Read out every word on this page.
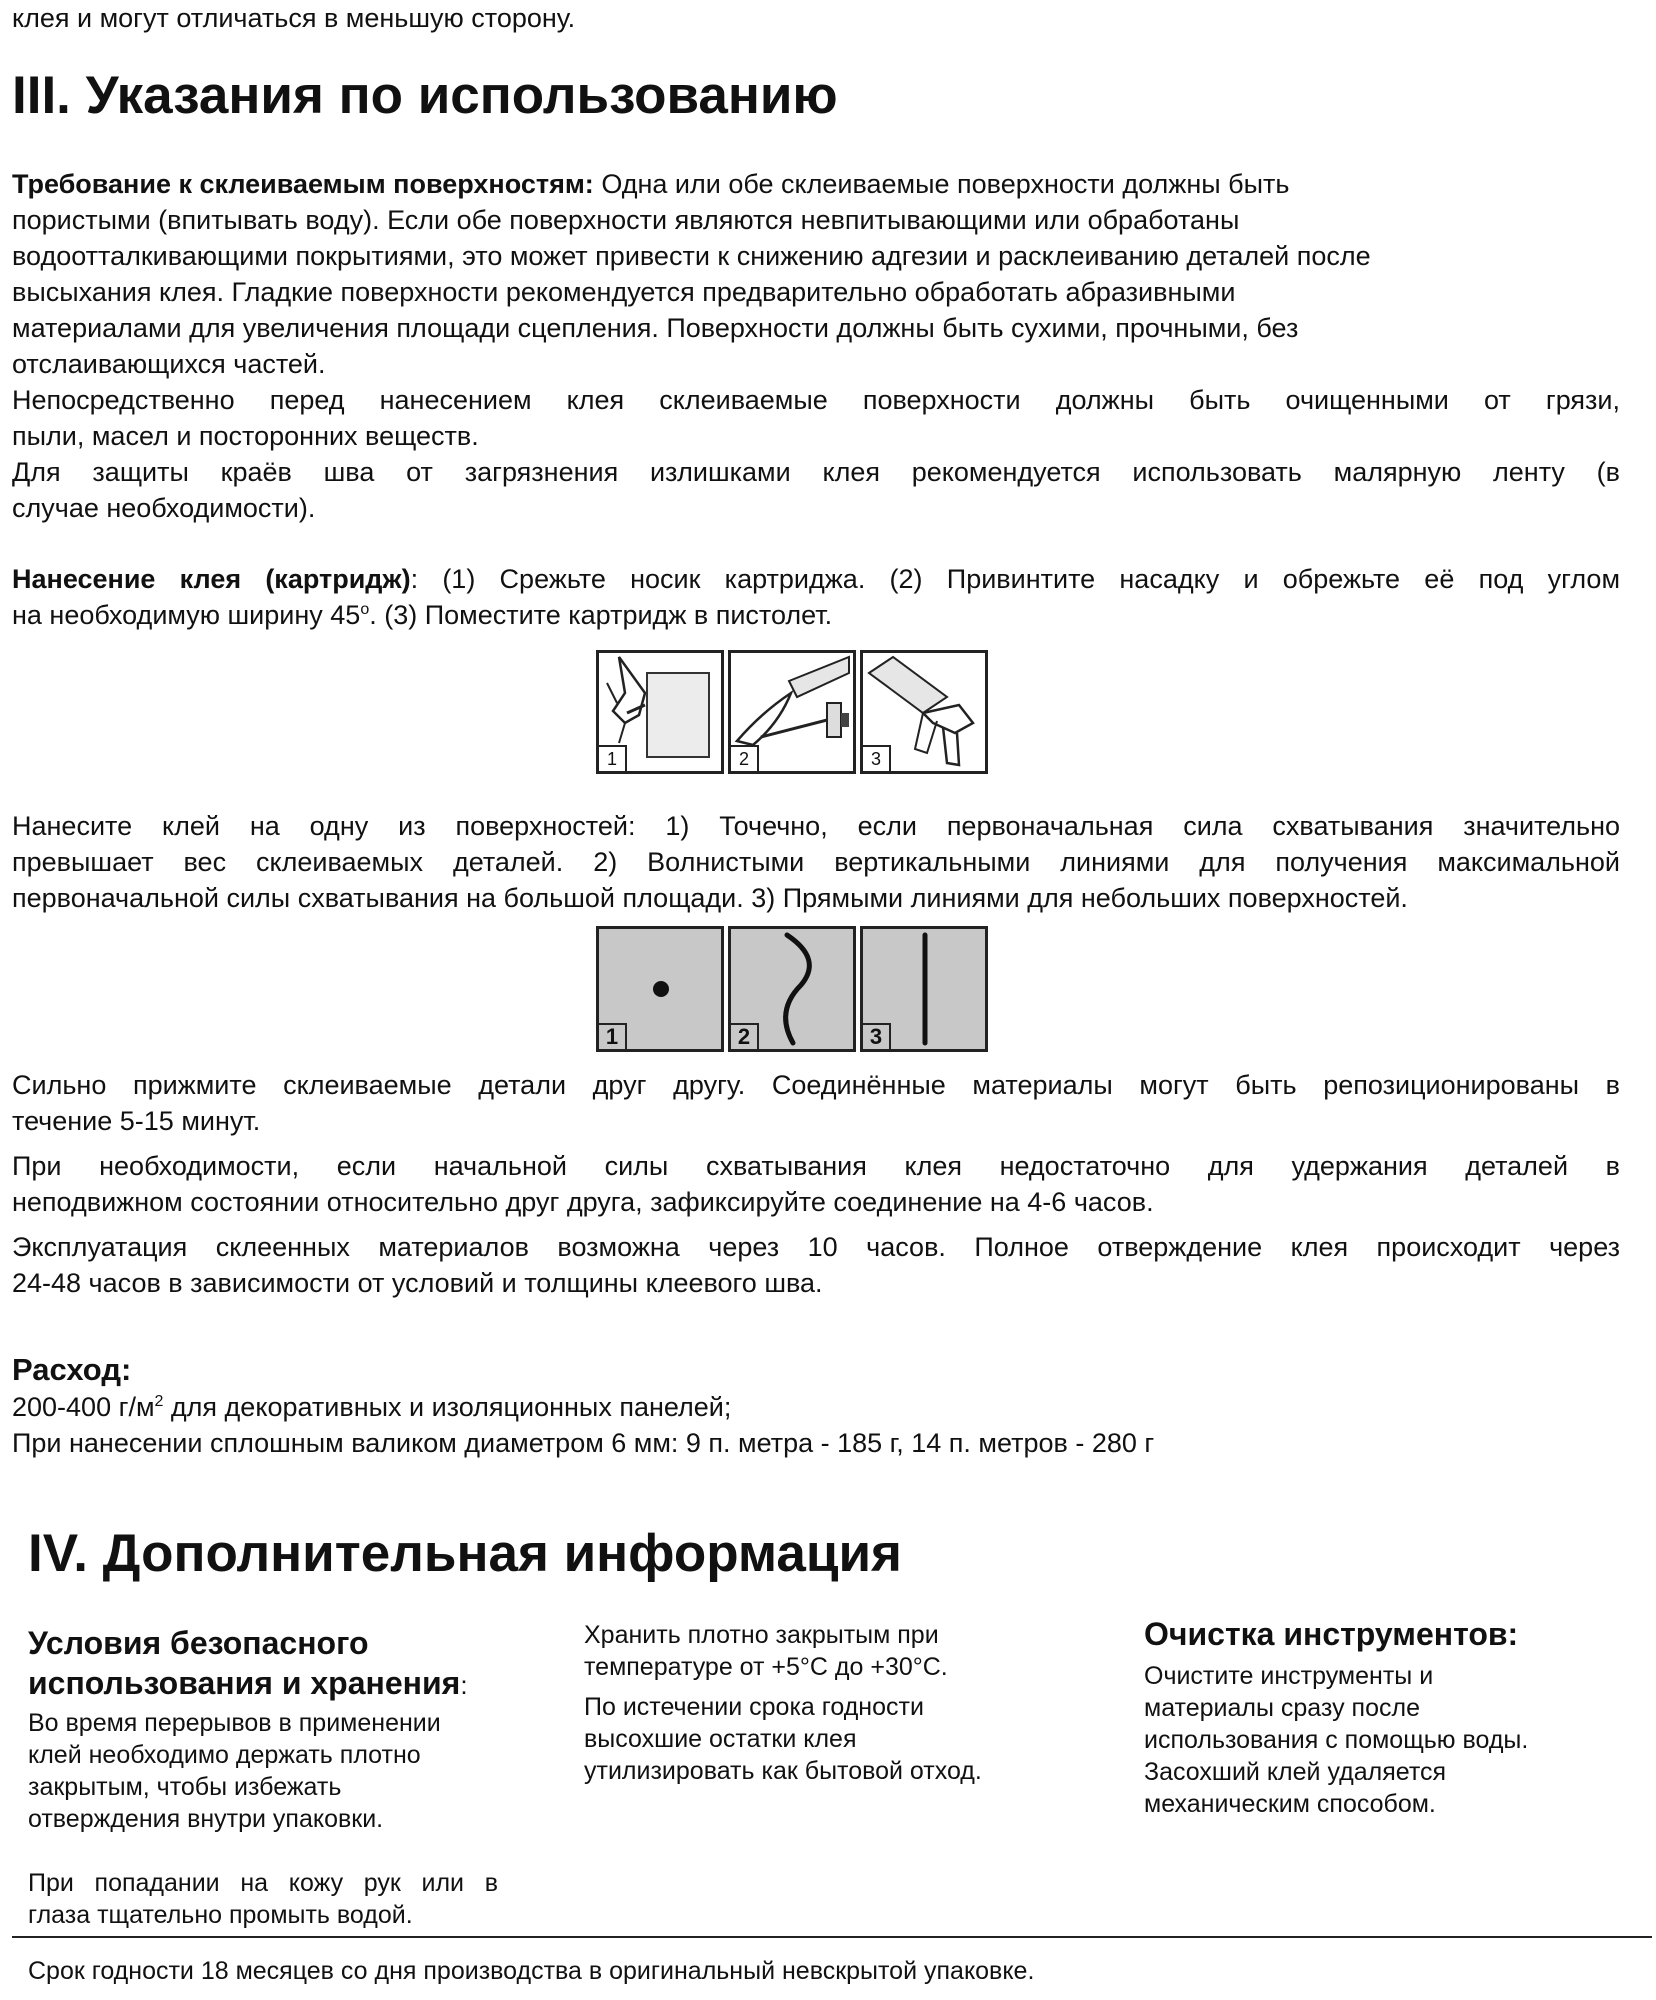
клея и могут отличаться в меньшую сторону.
III. Указания по использованию
Требование к склеиваемым поверхностям: Одна или обе склеиваемые поверхности должны быть
пористыми (впитывать воду). Если обе поверхности являются невпитывающими или обработаны
водоотталкивающими покрытиями, это может привести к снижению адгезии и расклеиванию деталей после
высыхания клея. Гладкие поверхности рекомендуется предварительно обработать абразивными
материалами для увеличения площади сцепления. Поверхности должны быть сухими, прочными, без
отслаивающихся частей.
Непосредственно перед нанесением клея склеиваемые поверхности должны быть очищенными от грязи,
пыли, масел и посторонних веществ.
Для защиты краёв шва от загрязнения излишками клея рекомендуется использовать малярную ленту (в
случае необходимости).
Нанесение клея (картридж): (1) Срежьте носик картриджа. (2) Привинтите насадку и обрежьте её под углом
на необходимую ширину 45$^o$. (3) Поместите картридж в пистолет.
1	2	3
Нанесите клей на одну из поверхностей: 1) Точечно, если первоначальная сила схватывания значительно
превышает вес склеиваемых деталей. 2) Волнистыми вертикальными линиями для получения максимальной
первоначальной силы схватывания на большой площади. 3) Прямыми линиями для небольших поверхностей.
1	2	3
Сильно прижмите склеиваемые детали друг другу. Соединённые материалы могут быть репозиционированы в
течение 5-15 минут.
При необходимости, если начальной силы схватывания клея недостаточно для удержания деталей в
неподвижном состоянии относительно друг друга, зафиксируйте соединение на 4-6 часов.
Эксплуатация склеенных материалов возможна через 10 часов. Полное отверждение клея происходит через
24-48 часов в зависимости от условий и толщины клеевого шва.
Расход:
200-400 $г/м^2$ для декоративных и изоляционных панелей;
При нанесении сплошным валиком диаметром 6 мм: 9 п. метра - 185 г, 14 п. метров - 280 г
IV. Дополнительная информация
Условия безопасного
использования и хранения:
Во время перерывов в применении
клей необходимо держать плотно
закрытым, чтобы избежать
отверждения внутри упаковки.
При попадании на кожу рук или в
глаза тщательно промыть водой.
Хранить плотно закрытым при
температуре от +5°С до +30°С.
По истечении срока годности
высохшие остатки клея
утилизировать как бытовой отход.
Очистка инструментов:
Очистите инструменты и
материалы сразу после
использования с помощью воды.
Засохший клей удаляется
механическим способом.
Срок годности 18 месяцев со дня производства в оригинальный невскрытой упаковке.
